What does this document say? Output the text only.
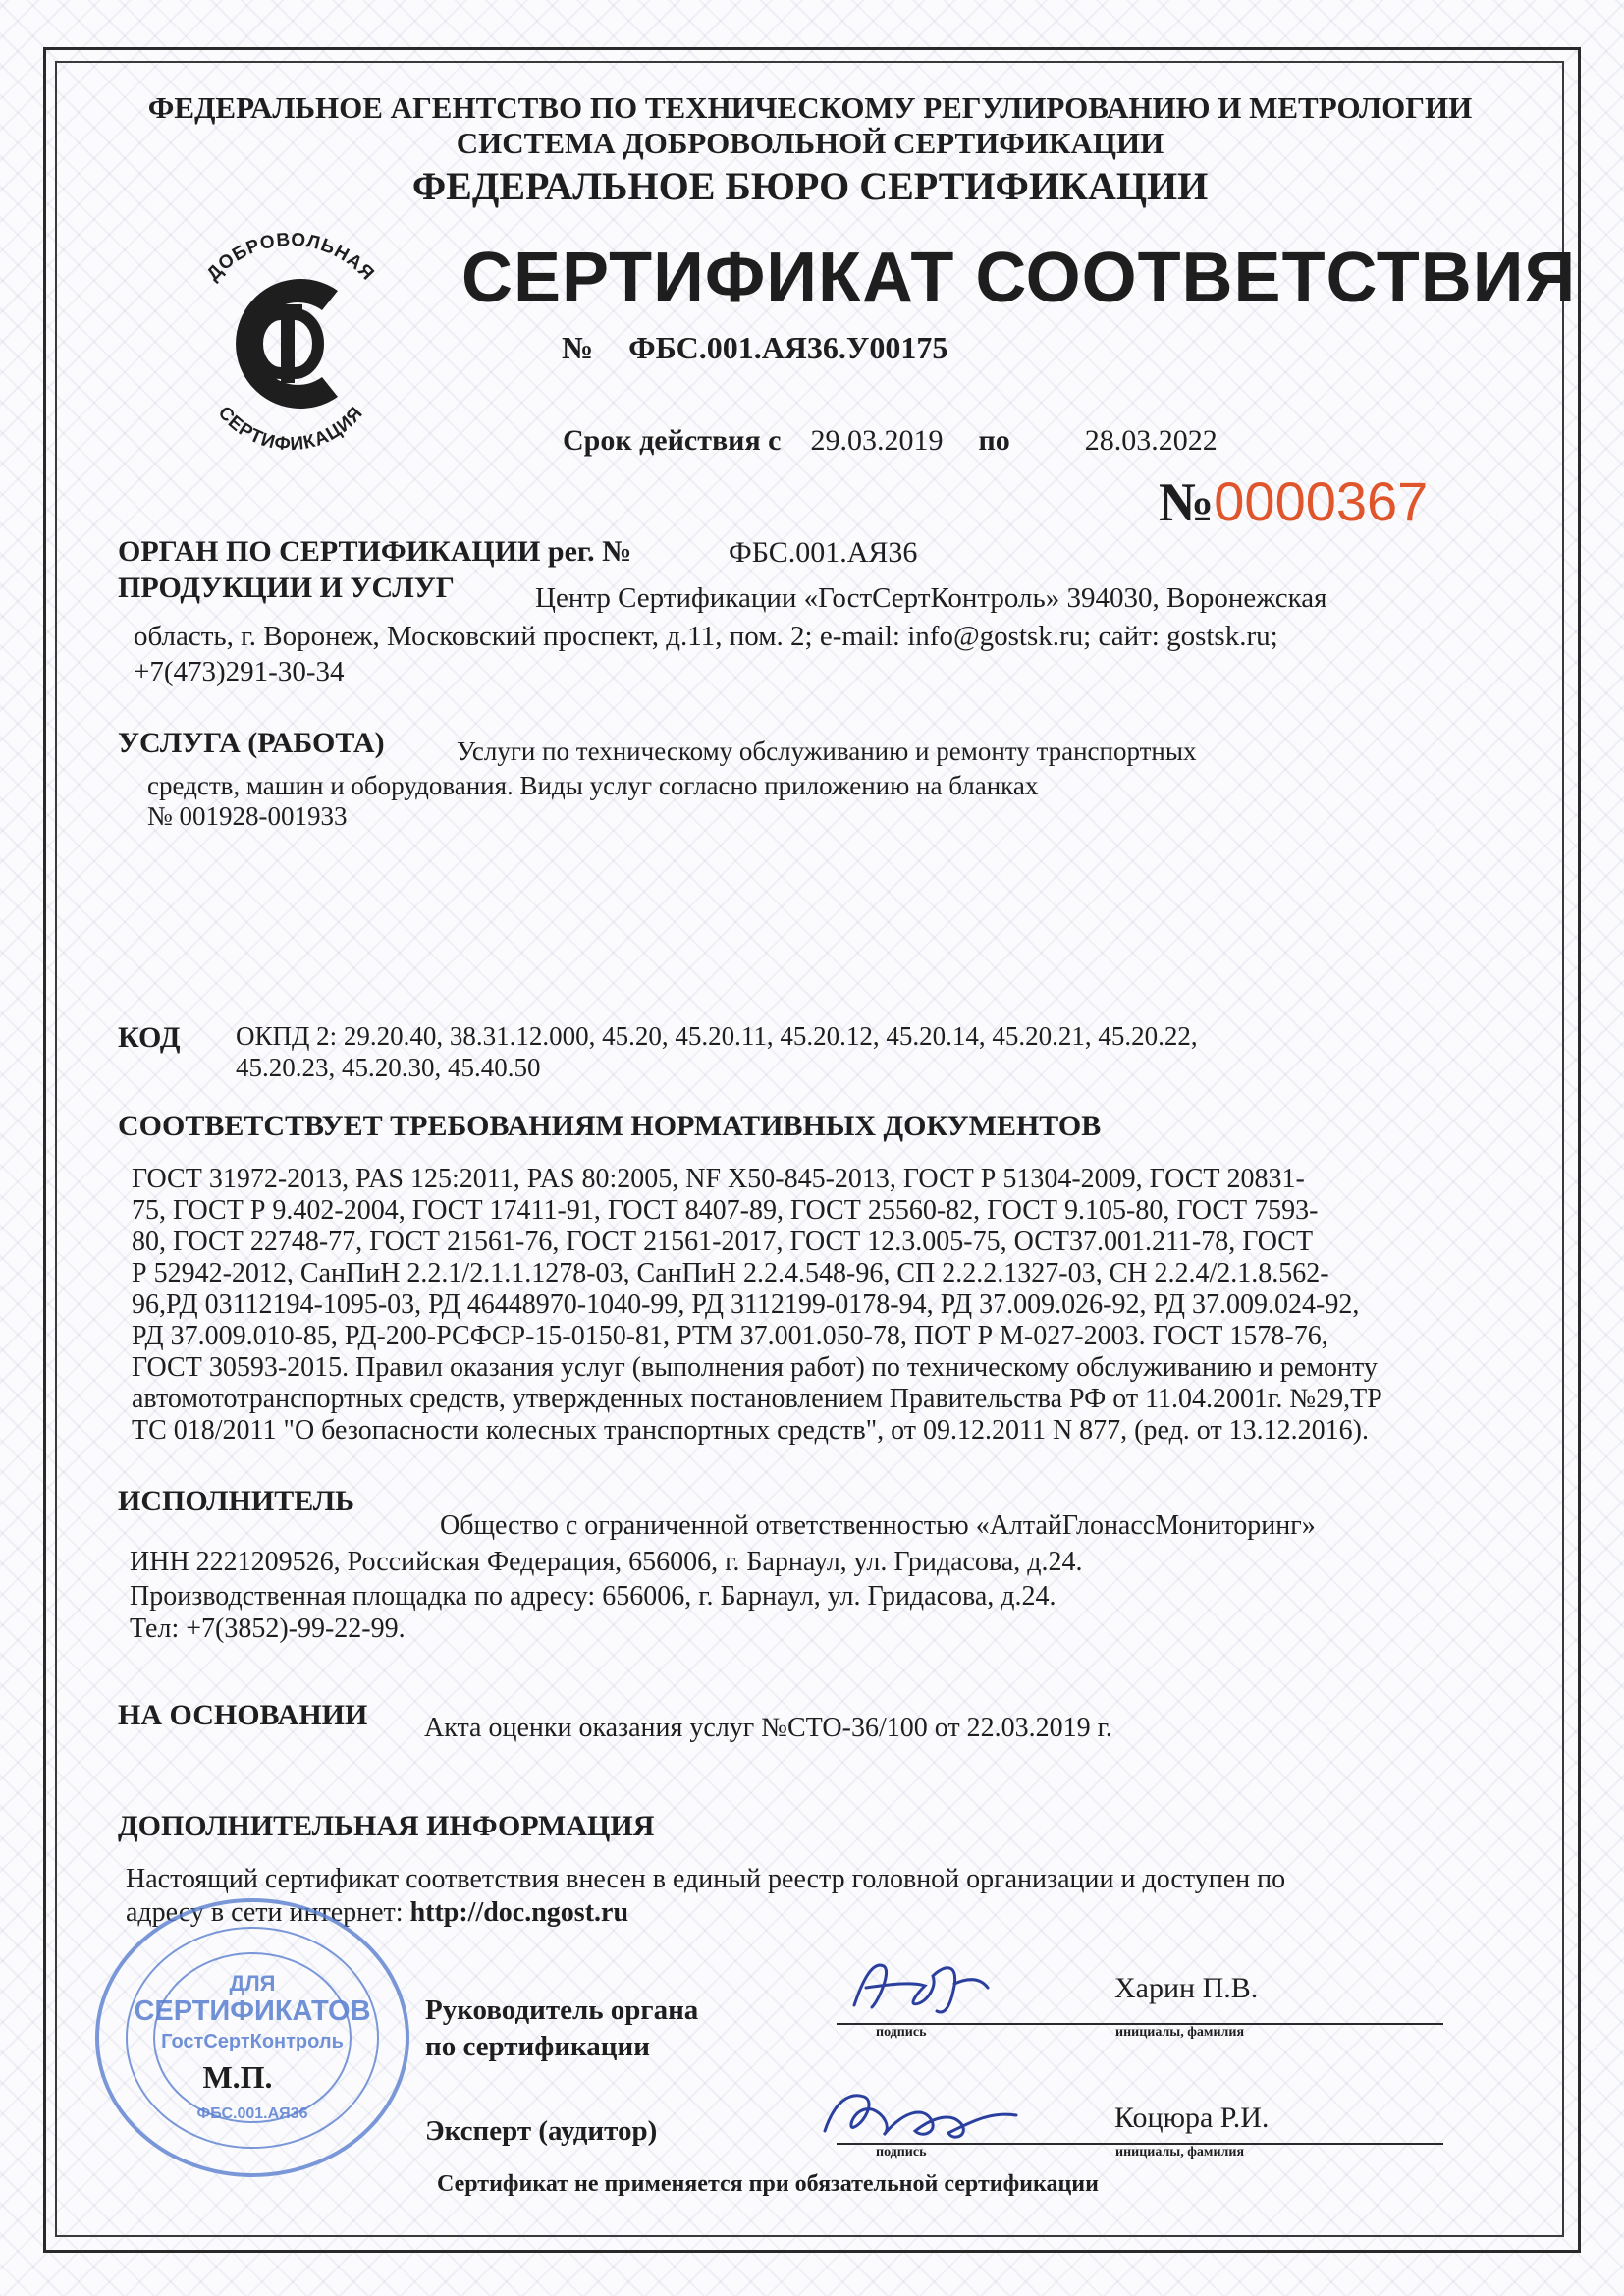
ФЕДЕРАЛЬНОЕ АГЕНТСТВО ПО ТЕХНИЧЕСКОМУ РЕГУЛИРОВАНИЮ И МЕТРОЛОГИИ
СИСТЕМА ДОБРОВОЛЬНОЙ СЕРТИФИКАЦИИ
ФЕДЕРАЛЬНОЕ БЮРО СЕРТИФИКАЦИИ
ДОБРОВОЛЬНАЯ
СЕРТИФИКАЦИЯ
СЕРТИФИКАТ СООТВЕТСТВИЯ
№ ФБС.001.АЯ36.У00175
Срок действия с 29.03.2019 по	28.03.2022
№0000367
ОРГАН ПО СЕРТИФИКАЦИИ рег. №	ФБС.001.АЯ36
ПРОДУКЦИИ И УСЛУГ	Центр Сертификации «ГостСертКонтроль» 394030, Воронежская
область, г. Воронеж, Московский проспект, д.11, пом. 2; e-mail: info@gostsk.ru; сайт: gostsk.ru;
+7(473)291-30-34
УСЛУГА (РАБОТА)	Услуги по техническому обслуживанию и ремонту транспортных
средств, машин и оборудования. Виды услуг согласно приложению на бланках
№ 001928-001933
КОД ОКПД 2: 29.20.40, 38.31.12.000, 45.20, 45.20.11, 45.20.12, 45.20.14, 45.20.21, 45.20.22,
45.20.23, 45.20.30, 45.40.50
СООТВЕТСТВУЕТ ТРЕБОВАНИЯМ НОРМАТИВНЫХ ДОКУМЕНТОВ
ГОСТ 31972-2013, PAS 125:2011, PAS 80:2005, NF X50-845-2013, ГОСТ Р 51304-2009, ГОСТ 20831-
75, ГОСТ Р 9.402-2004, ГОСТ 17411-91, ГОСТ 8407-89, ГОСТ 25560-82, ГОСТ 9.105-80, ГОСТ 7593-
80, ГОСТ 22748-77, ГОСТ 21561-76, ГОСТ 21561-2017, ГОСТ 12.3.005-75, ОСТ37.001.211-78, ГОСТ
Р 52942-2012, СанПиН 2.2.1/2.1.1.1278-03, СанПиН 2.2.4.548-96, СП 2.2.2.1327-03, СН 2.2.4/2.1.8.562-
96,РД 03112194-1095-03, РД 46448970-1040-99, РД 3112199-0178-94, РД 37.009.026-92, РД 37.009.024-92,
РД 37.009.010-85, РД-200-РСФСР-15-0150-81, РТМ 37.001.050-78, ПОТ Р М-027-2003. ГОСТ 1578-76,
ГОСТ 30593-2015. Правил оказания услуг (выполнения работ) по техническому обслуживанию и ремонту
автомототранспортных средств, утвержденных постановлением Правительства РФ от 11.04.2001г. №29,ТР
ТС 018/2011 "О безопасности колесных транспортных средств", от 09.12.2011 N 877, (ред. от 13.12.2016).
ИСПОЛНИТЕЛЬ
Общество с ограниченной ответственностью «АлтайГлонассМониторинг»
ИНН 2221209526, Российская Федерация, 656006, г. Барнаул, ул. Гридасова, д.24.
Производственная площадка по адресу: 656006, г. Барнаул, ул. Гридасова, д.24.
Тел: +7(3852)-99-22-99.
НА ОСНОВАНИИ Акта оценки оказания услуг №СТО-36/100 от 22.03.2019 г.
ДОПОЛНИТЕЛЬНАЯ ИНФОРМАЦИЯ
Настоящий сертификат соответствия внесен в единый реестр головной организации и доступен по
адресу в сети интернет: http://doc.ngost.ru
ДЛЯ
СЕРТИФИКАТОВ
ГостСертКонтроль
ФБС.001.АЯ36
М.П.
Руководитель органа
по сертификации	подпись
Харин П.В.
инициалы, фамилия
Эксперт (аудитор)
подпись
Коцюра Р.И.
инициалы, фамилия
Сертификат не применяется при обязательной сертификации
